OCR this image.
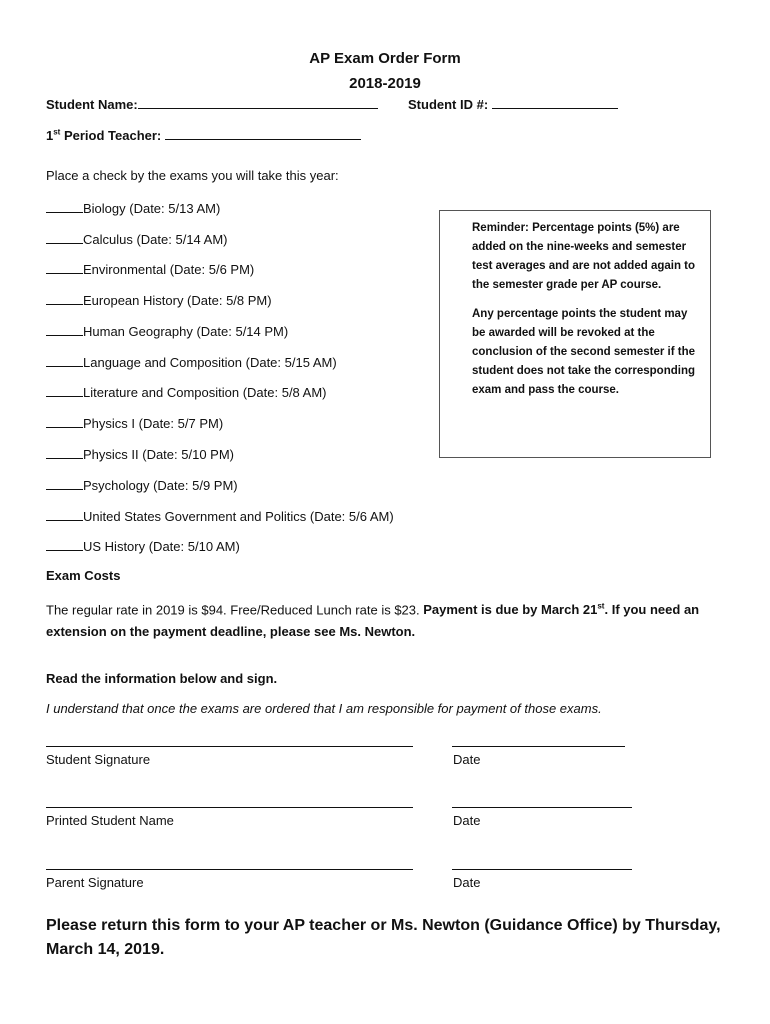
AP Exam Order Form
2018-2019
Student Name:	Student ID #:
1st Period Teacher:
Place a check by the exams you will take this year:
Biology (Date: 5/13 AM)
Calculus (Date: 5/14 AM)
Environmental (Date: 5/6 PM)
European History (Date: 5/8 PM)
Human Geography (Date: 5/14 PM)
Language and Composition (Date: 5/15 AM)
Literature and Composition (Date: 5/8 AM)
Physics I (Date: 5/7 PM)
Physics II (Date: 5/10 PM)
Psychology (Date: 5/9 PM)
United States Government and Politics (Date: 5/6 AM)
US History (Date: 5/10 AM)

Reminder: Percentage points (5%) are added on the nine-weeks and semester test averages and are not added again to the semester grade per AP course.

Any percentage points the student may be awarded will be revoked at the conclusion of the second semester if the student does not take the corresponding exam and pass the course.

Exam Costs
The regular rate in 2019 is $94. Free/Reduced Lunch rate is $23. Payment is due by March 21st. If you need an extension on the payment deadline, please see Ms. Newton.
Read the information below and sign.
I understand that once the exams are ordered that I am responsible for payment of those exams.
Student Signature	Date
Printed Student Name	Date
Parent Signature	Date
Please return this form to your AP teacher or Ms. Newton (Guidance Office) by Thursday, March 14, 2019.
